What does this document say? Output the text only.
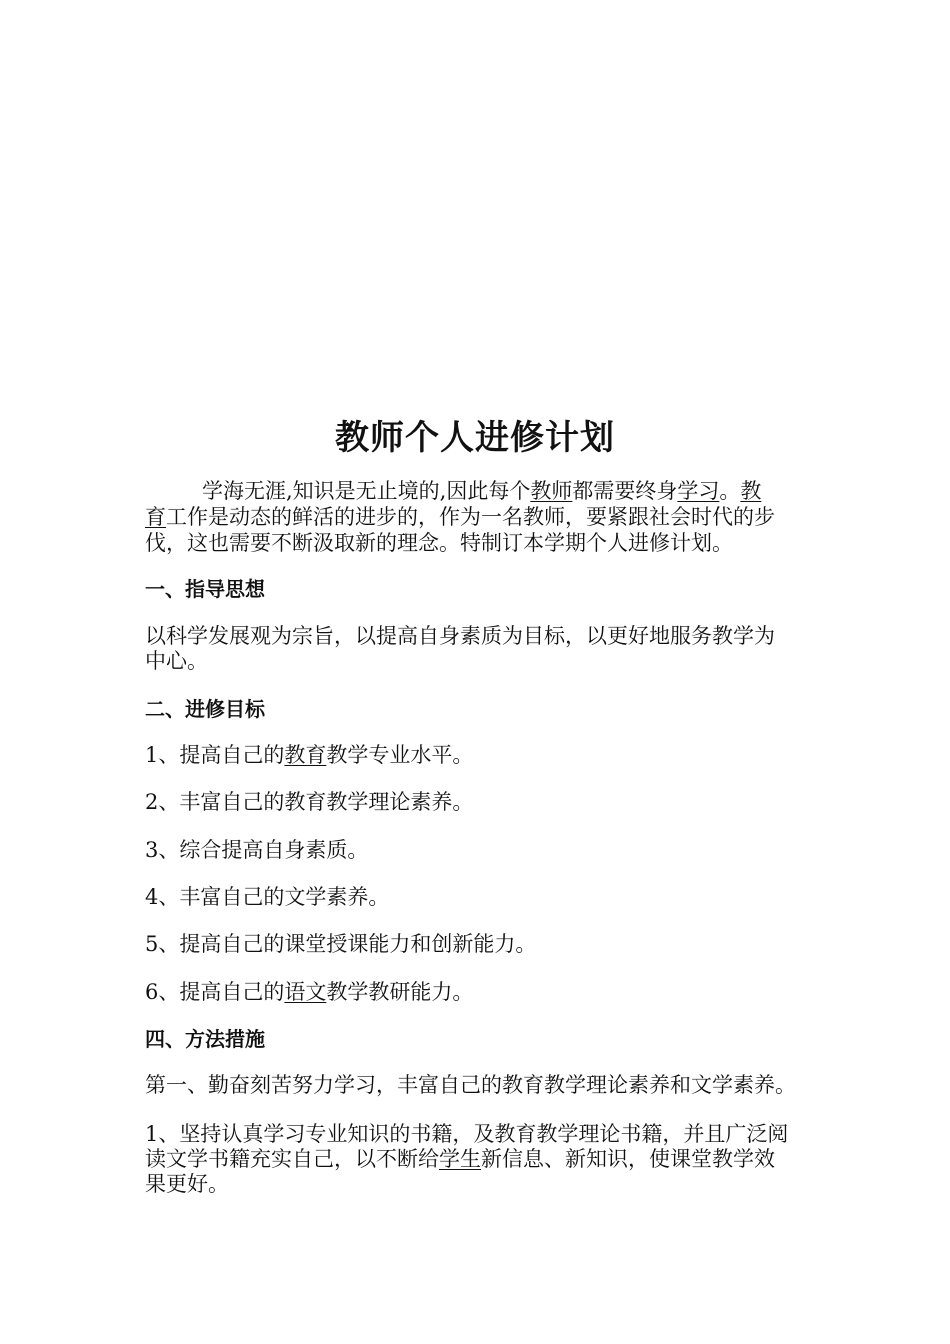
教师个人进修计划
学海无涯,知识是无止境的,因此每个教师都需要终身学习。教
育工作是动态的鲜活的进步的，作为一名教师，要紧跟社会时代的步
伐，这也需要不断汲取新的理念。特制订本学期个人进修计划。
一、指导思想
以科学发展观为宗旨，以提高自身素质为目标，以更好地服务教学为
中心。
二、进修目标
1、提高自己的教育教学专业水平。
2、丰富自己的教育教学理论素养。
3、综合提高自身素质。
4、丰富自己的文学素养。
5、提高自己的课堂授课能力和创新能力。
6、提高自己的语文教学教研能力。
四、方法措施
第一、勤奋刻苦努力学习，丰富自己的教育教学理论素养和文学素养。
1、坚持认真学习专业知识的书籍，及教育教学理论书籍，并且广泛阅
读文学书籍充实自己，以不断给学生新信息、新知识，使课堂教学效
果更好。
